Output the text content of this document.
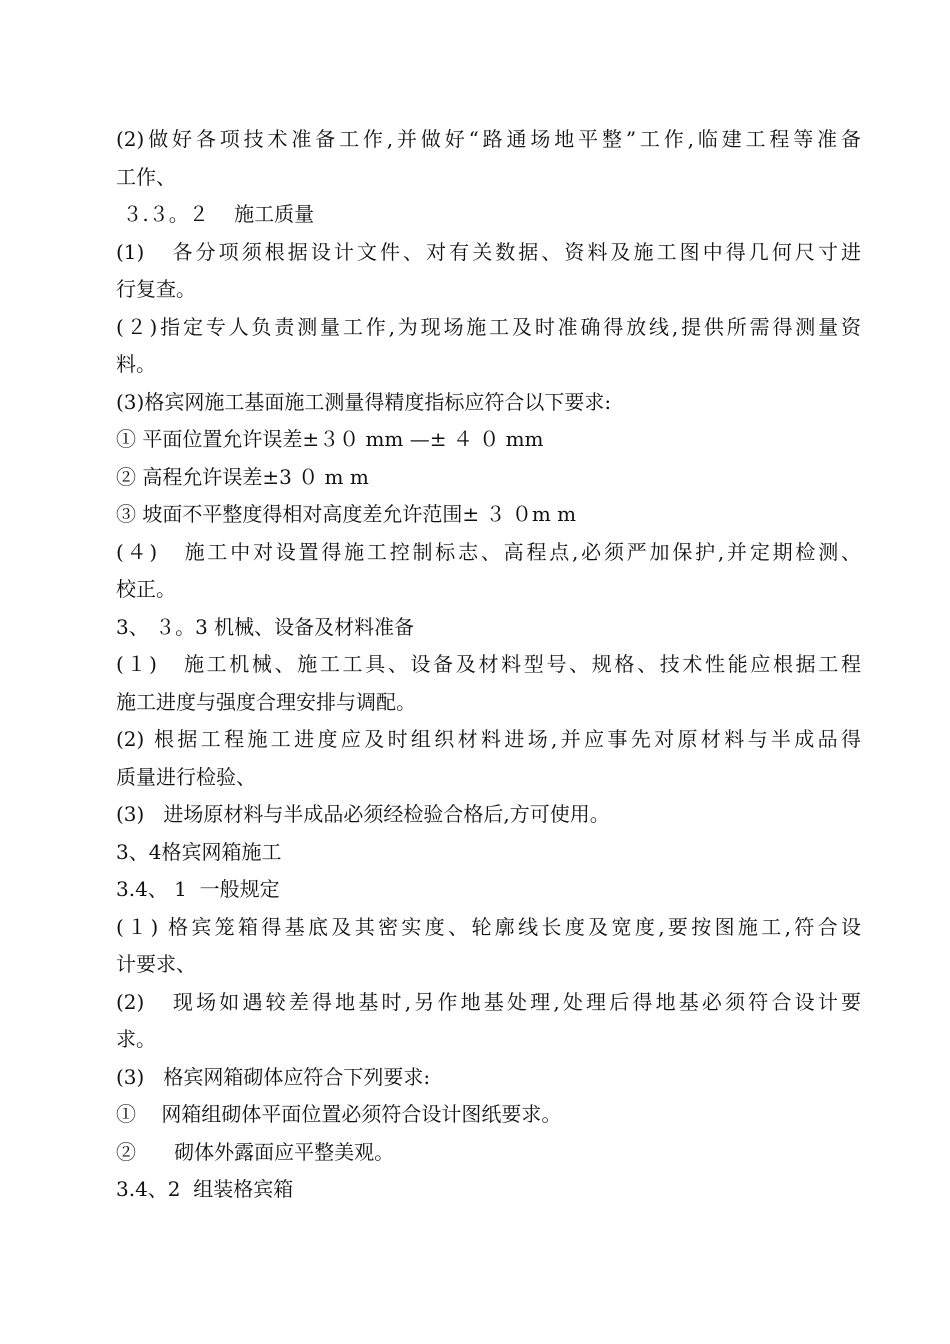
(2)做好各项技术准备工作,并做好“路通场地平整”工作,临建工程等准备
工作、
３.３。２    施工质量
(1)   各分项须根据设计文件、对有关数据、资料及施工图中得几何尺寸进
行复查。
(２)指定专人负责测量工作,为现场施工及时准确得放线,提供所需得测量资
料。
(3)格宾网施工基面施工测量得精度指标应符合以下要求:
① 平面位置允许误差±３０ mm —± ４ ０ mm
② 高程允许误差±3 ０ m m
③ 坡面不平整度得相对高度差允许范围± ３ ０m m
(４)   施工中对设置得施工控制标志、高程点,必须严加保护,并定期检测、
校正。
3、 ３。3 机械、设备及材料准备
(１)   施工机械、施工工具、设备及材料型号、规格、技术性能应根据工程
施工进度与强度合理安排与调配。
(2) 根据工程施工进度应及时组织材料进场,并应事先对原材料与半成品得
质量进行检验、
(3)   进场原材料与半成品必须经检验合格后,方可使用。
3、4格宾网箱施工
3.4、 1  一般规定
(１) 格宾笼箱得基底及其密实度、轮廓线长度及宽度,要按图施工,符合设
计要求、
(2)   现场如遇较差得地基时,另作地基处理,处理后得地基必须符合设计要
求。
(3)   格宾网箱砌体应符合下列要求:
①    网箱组砌体平面位置必须符合设计图纸要求。
②      砌体外露面应平整美观。
3.4、2  组装格宾箱
